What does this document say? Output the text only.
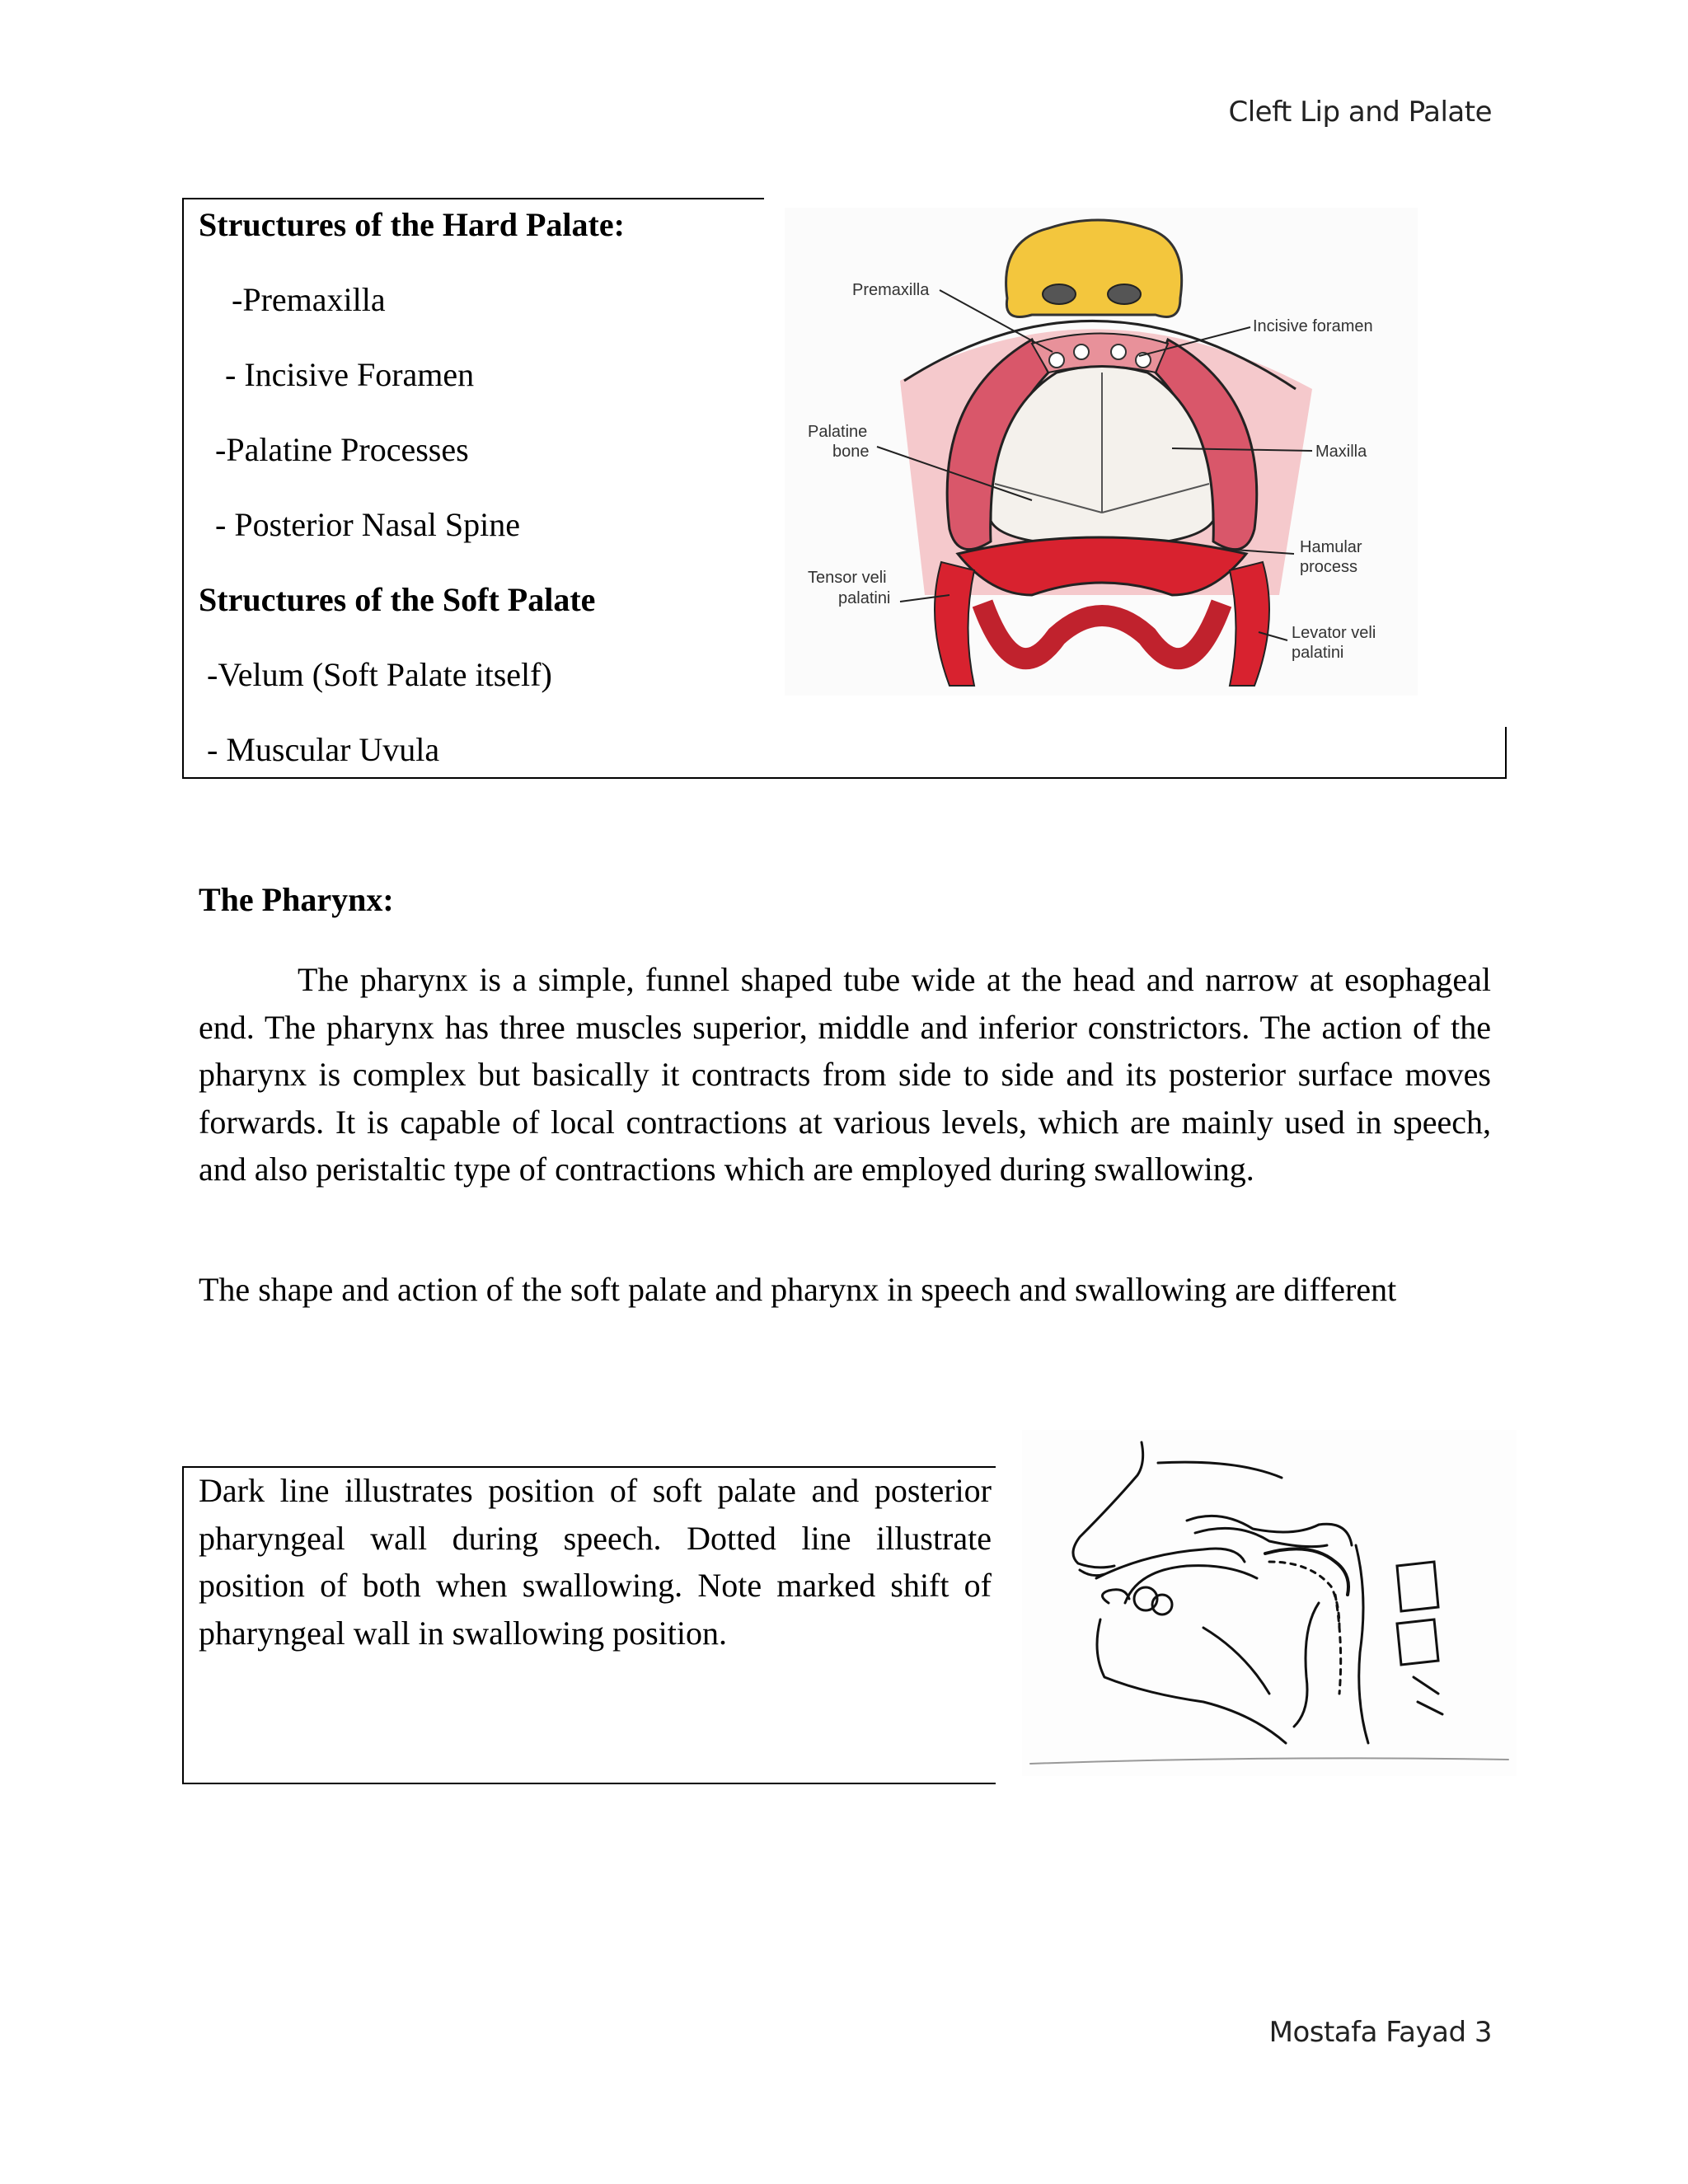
Cleft Lip and Palate
Structures of the Hard Palate:
-Premaxilla
- Incisive Foramen
-Palatine Processes
- Posterior Nasal Spine
Structures of the Soft Palate
-Velum (Soft Palate itself)
- Muscular Uvula
Premaxilla
Incisive foramen
Palatine
bone	Maxilla
Hamular
process
Tensor veli
palatini
Levator veli
palatini
The Pharynx:
The pharynx is a simple, funnel shaped tube wide at the head and narrow at esophageal end. The pharynx has three muscles superior, middle and inferior constrictors. The action of the pharynx is complex but basically it contracts from side to side and its posterior surface moves forwards. It is capable of local contractions at various levels, which are mainly used in speech, and also peristaltic type of contractions which are employed during swallowing.
The shape and action of the soft palate and pharynx in speech and swallowing are different
Dark line illustrates position of soft palate and posterior pharyngeal wall during speech. Dotted line illustrate position of both when swallowing. Note marked shift of pharyngeal wall in swallowing position.
Mostafa Fayad 3
